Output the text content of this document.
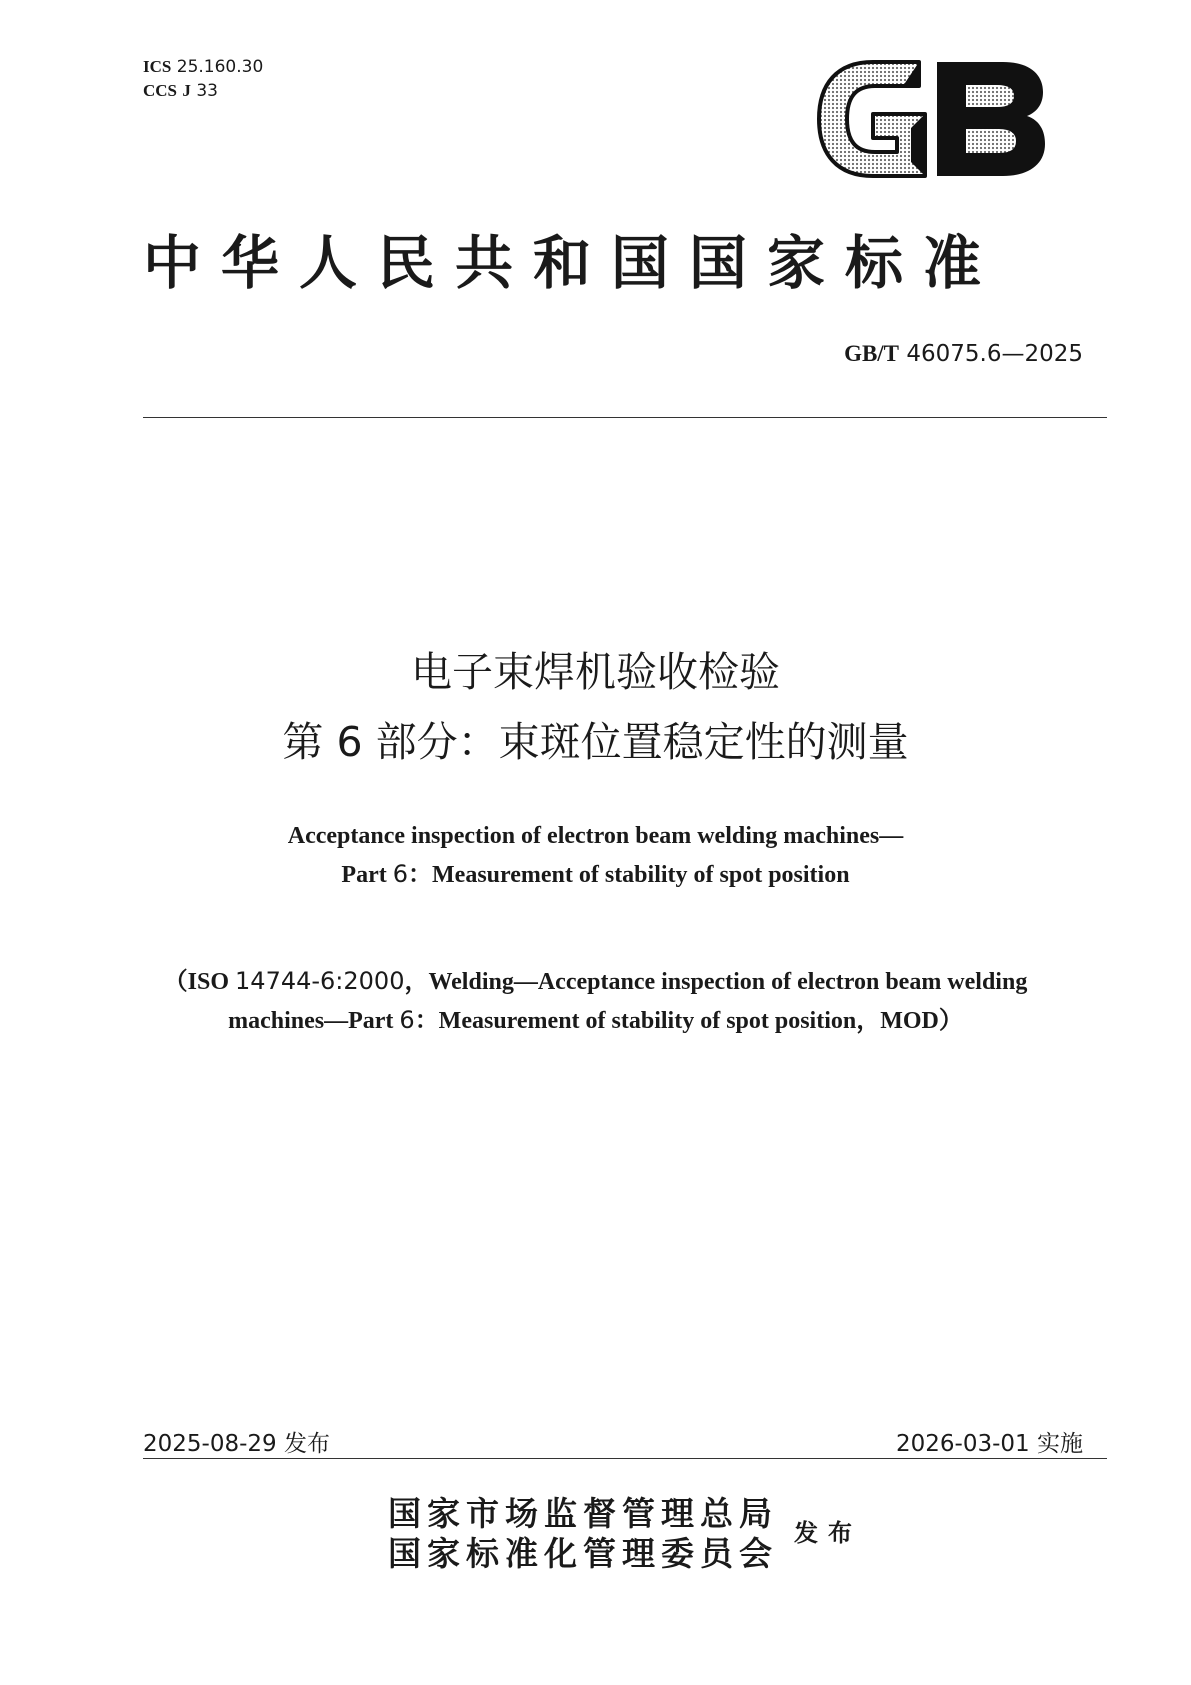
ICS 25.160.30
CCS J 33
中华人民共和国国家标准
GB/T 46075.6—2025
电子束焊机验收检验
第 6 部分：束斑位置稳定性的测量
Acceptance inspection of electron beam welding machines—
Part 6：Measurement of stability of spot position
（ISO 14744-6:2000，Welding—Acceptance inspection of electron beam welding
machines—Part 6：Measurement of stability of spot position，MOD）
2025-08-29 发布	2026-03-01 实施
国家市场监督管理总局
国家标准化管理委员会
发布
